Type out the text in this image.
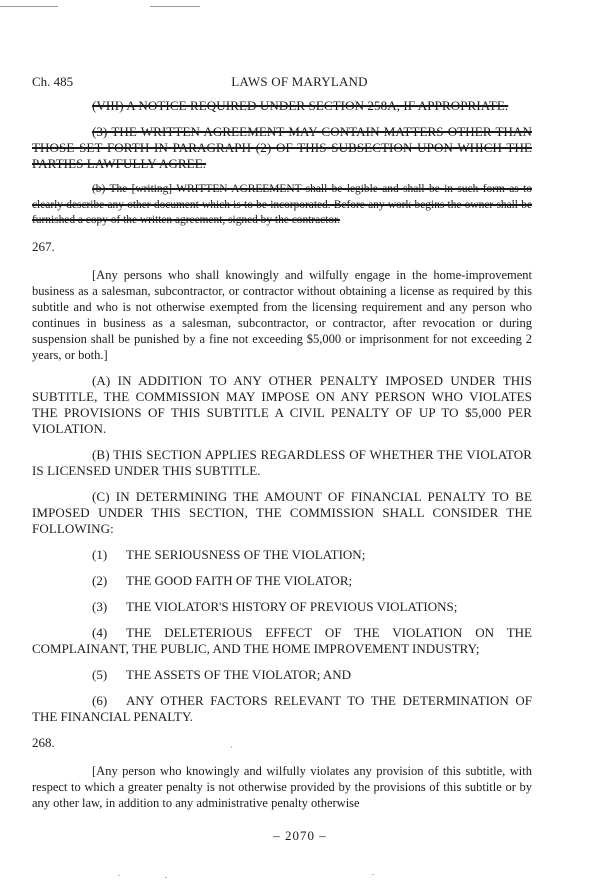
Ch. 485	LAWS OF MARYLAND

(VIII) A NOTICE REQUIRED UNDER SECTION 258A, IF APPROPRIATE.

(3) THE WRITTEN AGREEMENT MAY CONTAIN MATTERS OTHER THAN THOSE SET FORTH IN PARAGRAPH (2) OF THIS SUBSECTION UPON WHICH THE PARTIES LAWFULLY AGREE.

(b) The [writing] WRITTEN AGREEMENT shall be legible and shall be in such form as to clearly describe any other document which is to be incorporated. Before any work begins the owner shall be furnished a copy of the written agreement, signed by the contractor.

267.

[Any persons who shall knowingly and wilfully engage in the home-improvement business as a salesman, subcontractor, or contractor without obtaining a license as required by this subtitle and who is not otherwise exempted from the licensing requirement and any person who continues in business as a salesman, subcontractor, or contractor, after revocation or during suspension shall be punished by a fine not exceeding $5,000 or imprisonment for not exceeding 2 years, or both.]

(A) IN ADDITION TO ANY OTHER PENALTY IMPOSED UNDER THIS SUBTITLE, THE COMMISSION MAY IMPOSE ON ANY PERSON WHO VIOLATES THE PROVISIONS OF THIS SUBTITLE A CIVIL PENALTY OF UP TO $5,000 PER VIOLATION.

(B) THIS SECTION APPLIES REGARDLESS OF WHETHER THE VIOLATOR IS LICENSED UNDER THIS SUBTITLE.

(C) IN DETERMINING THE AMOUNT OF FINANCIAL PENALTY TO BE IMPOSED UNDER THIS SECTION, THE COMMISSION SHALL CONSIDER THE FOLLOWING:

(1) THE SERIOUSNESS OF THE VIOLATION;
(2) THE GOOD FAITH OF THE VIOLATOR;
(3) THE VIOLATOR'S HISTORY OF PREVIOUS VIOLATIONS;
(4) THE DELETERIOUS EFFECT OF THE VIOLATION ON THE COMPLAINANT, THE PUBLIC, AND THE HOME IMPROVEMENT INDUSTRY;
(5) THE ASSETS OF THE VIOLATOR; AND
(6) ANY OTHER FACTORS RELEVANT TO THE DETERMINATION OF THE FINANCIAL PENALTY.
268.

[Any person who knowingly and wilfully violates any provision of this subtitle, with respect to which a greater penalty is not otherwise provided by the provisions of this subtitle or by any other law, in addition to any administrative penalty otherwise

– 2070 –
